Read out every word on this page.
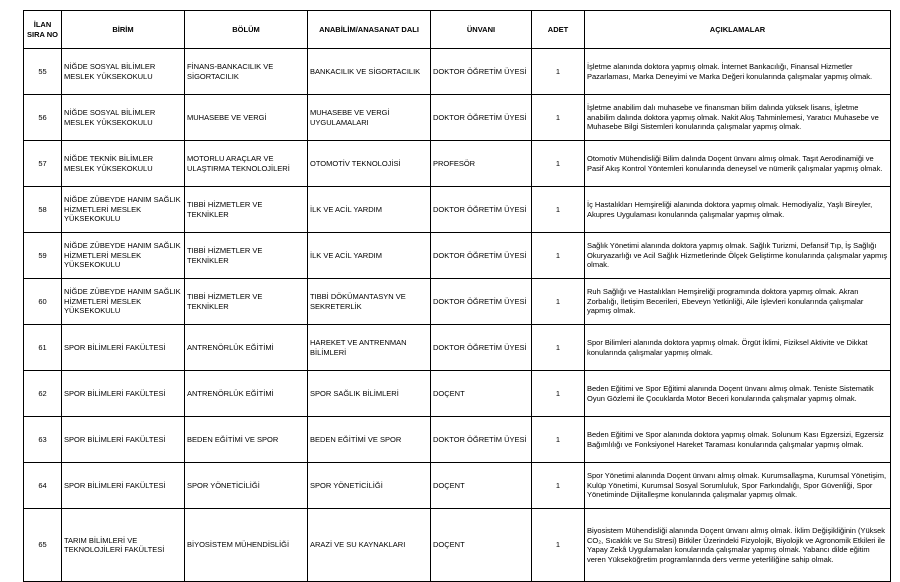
İLAN SIRA NO	BİRİM	BÖLÜM	ANABİLİM/ANASANAT DALI	ÜNVANI	ADET	AÇIKLAMALAR
55	NİĞDE SOSYAL BİLİMLER MESLEK YÜKSEKOKULU	FİNANS-BANKACILIK VE SİGORTACILIK	BANKACILIK VE SİGORTACILIK	DOKTOR ÖĞRETİM ÜYESİ	1	İşletme alanında doktora yapmış olmak. İnternet Bankacılığı, Finansal Hizmetler Pazarlaması, Marka Deneyimi ve Marka Değeri konularında çalışmalar yapmış olmak.
56	NİĞDE SOSYAL BİLİMLER MESLEK YÜKSEKOKULU	MUHASEBE VE VERGİ	MUHASEBE VE VERGİ UYGULAMALARI	DOKTOR ÖĞRETİM ÜYESİ	1	İşletme anabilim dalı muhasebe ve finansman bilim dalında yüksek lisans, İşletme anabilim dalında doktora yapmış olmak. Nakit Akış Tahminlemesi, Yaratıcı Muhasebe ve Muhasebe Bilgi Sistemleri konularında çalışmalar yapmış olmak.
57	NİĞDE TEKNİK BİLİMLER MESLEK YÜKSEKOKULU	MOTORLU ARAÇLAR VE ULAŞTIRMA TEKNOLOJİLERİ	OTOMOTİV TEKNOLOJİSİ	PROFESÖR	1	Otomotiv Mühendisliği Bilim dalında Doçent ünvanı almış olmak. Taşıt Aerodinamiği ve Pasif Akış Kontrol Yöntemleri konularında deneysel ve nümerik çalışmalar yapmış olmak.
58	NİĞDE ZÜBEYDE HANIM SAĞLIK HİZMETLERİ MESLEK YÜKSEKOKULU	TIBBİ HİZMETLER VE TEKNİKLER	İLK VE ACİL YARDIM	DOKTOR ÖĞRETİM ÜYESİ	1	İç Hastalıkları Hemşireliği alanında doktora yapmış olmak. Hemodiyaliz, Yaşlı Bireyler, Akupres Uygulaması konularında çalışmalar yapmış olmak.
59	NİĞDE ZÜBEYDE HANIM SAĞLIK HİZMETLERİ MESLEK YÜKSEKOKULU	TIBBİ HİZMETLER VE TEKNİKLER	İLK VE ACİL YARDIM	DOKTOR ÖĞRETİM ÜYESİ	1	Sağlık Yönetimi alanında doktora yapmış olmak. Sağlık Turizmi, Defansif Tıp, İş Sağlığı Okuryazarlığı ve Acil Sağlık Hizmetlerinde Ölçek Geliştirme konularında çalışmalar yapmış olmak.
60	NİĞDE ZÜBEYDE HANIM SAĞLIK HİZMETLERİ MESLEK YÜKSEKOKULU	TIBBİ HİZMETLER VE TEKNİKLER	TIBBİ DÖKÜMANTASYN VE SEKRETERLİK	DOKTOR ÖĞRETİM ÜYESİ	1	Ruh Sağlığı ve Hastalıkları Hemşireliği programında doktora yapmış olmak. Akran Zorbalığı, İletişim Becerileri, Ebeveyn Yetkinliği, Aile İşlevleri konularında çalışmalar yapmış olmak.
61	SPOR BİLİMLERİ FAKÜLTESİ	ANTRENÖRLÜK EĞİTİMİ	HAREKET VE ANTRENMAN BİLİMLERİ	DOKTOR ÖĞRETİM ÜYESİ	1	Spor Bilimleri alanında doktora yapmış olmak. Örgüt İklimi, Fiziksel Aktivite ve Dikkat konularında çalışmalar yapmış olmak.
62	SPOR BİLİMLERİ FAKÜLTESİ	ANTRENÖRLÜK EĞİTİMİ	SPOR SAĞLIK BİLİMLERİ	DOÇENT	1	Beden Eğitimi ve Spor Eğitimi alanında Doçent ünvanı almış olmak. Teniste Sistematik Oyun Gözlemi ile Çocuklarda Motor Beceri konularında çalışmalar yapmış olmak.
63	SPOR BİLİMLERİ FAKÜLTESİ	BEDEN EĞİTİMİ VE SPOR	BEDEN EĞİTİMİ VE SPOR	DOKTOR ÖĞRETİM ÜYESİ	1	Beden Eğitimi ve Spor alanında doktora yapmış olmak. Solunum Kası Egzersizi, Egzersiz Bağımlılığı ve Fonksiyonel Hareket Taraması konularında çalışmalar yapmış olmak.
64	SPOR BİLİMLERİ FAKÜLTESİ	SPOR YÖNETİCİLİĞİ	SPOR YÖNETİCİLİĞİ	DOÇENT	1	Spor Yönetimi alanında Doçent ünvanı almış olmak. Kurumsallaşma, Kurumsal Yönetişim, Kulüp Yönetimi, Kurumsal Sosyal Sorumluluk, Spor Farkındalığı, Spor Güvenliği, Spor Yönetiminde Dijitalleşme konularında çalışmalar yapmış olmak.
65	TARIM BİLİMLERİ VE TEKNOLOJİLERİ FAKÜLTESİ	BİYOSİSTEM MÜHENDİSLİĞİ	ARAZİ VE SU KAYNAKLARI	DOÇENT	1	Biyosistem Mühendisliği alanında Doçent ünvanı almış olmak. İklim Değişikliğinin (Yüksek CO₂, Sıcaklık ve Su Stresi) Bitkiler Üzerindeki Fizyolojik, Biyolojik ve Agronomik Etkileri ile Yapay Zekâ Uygulamaları konularında çalışmalar yapmış olmak. Yabancı dilde eğitim veren Yükseköğretim programlarında ders verme yeterliliğine sahip olmak.
